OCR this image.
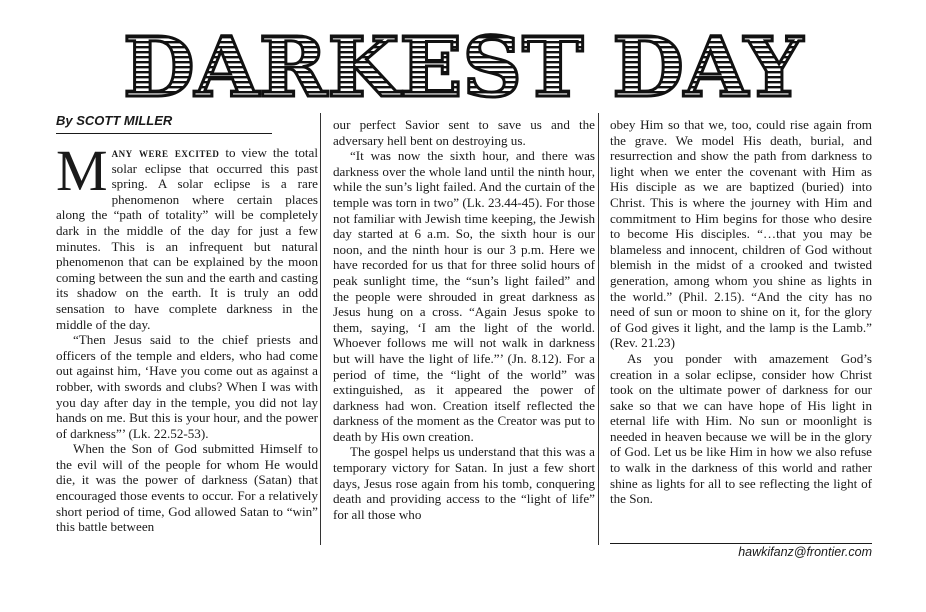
DARKEST DAY
By SCOTT MILLER

Many were excited to view the total solar eclipse that occurred this past spring. A solar eclipse is a rare phenomenon where certain places along the “path of totality” will be completely dark in the middle of the day for just a few minutes. This is an infrequent but natural phenomenon that can be explained by the moon coming between the sun and the earth and casting its shadow on the earth. It is truly an odd sensation to have complete darkness in the middle of the day.

“Then Jesus said to the chief priests and officers of the temple and elders, who had come out against him, ‘Have you come out as against a robber, with swords and clubs? When I was with you day after day in the temple, you did not lay hands on me. But this is your hour, and the power of darkness”’ (Lk. 22.52-53).

When the Son of God submitted Himself to the evil will of the people for whom He would die, it was the power of darkness (Satan) that encouraged those events to occur. For a relatively short period of time, God allowed Satan to “win” this battle between

our perfect Savior sent to save us and the adversary hell bent on destroying us.

“It was now the sixth hour, and there was darkness over the whole land until the ninth hour, while the sun’s light failed. And the curtain of the temple was torn in two” (Lk. 23.44-45). For those not familiar with Jewish time keeping, the Jewish day started at 6 a.m. So, the sixth hour is our noon, and the ninth hour is our 3 p.m. Here we have recorded for us that for three solid hours of peak sunlight time, the “sun’s light failed” and the people were shrouded in great darkness as Jesus hung on a cross. “Again Jesus spoke to them, saying, ‘I am the light of the world. Whoever follows me will not walk in darkness but will have the light of life.”’ (Jn. 8.12). For a period of time, the “light of the world” was extinguished, as it appeared the power of darkness had won. Creation itself reflected the darkness of the moment as the Creator was put to death by His own creation.

The gospel helps us understand that this was a temporary victory for Satan. In just a few short days, Jesus rose again from his tomb, conquering death and providing access to the “light of life” for all those who

obey Him so that we, too, could rise again from the grave. We model His death, burial, and resurrection and show the path from darkness to light when we enter the covenant with Him as His disciple as we are baptized (buried) into Christ. This is where the journey with Him and commitment to Him begins for those who desire to become His disciples. “…that you may be blameless and innocent, children of God without blemish in the midst of a crooked and twisted generation, among whom you shine as lights in the world.” (Phil. 2.15). “And the city has no need of sun or moon to shine on it, for the glory of God gives it light, and the lamp is the Lamb.” (Rev. 21.23)

As you ponder with amazement God’s creation in a solar eclipse, consider how Christ took on the ultimate power of darkness for our sake so that we can have hope of His light in eternal life with Him. No sun or moonlight is needed in heaven because we will be in the glory of God. Let us be like Him in how we also refuse to walk in the darkness of this world and rather shine as lights for all to see reflecting the light of the Son.

hawkifanz@frontier.com
